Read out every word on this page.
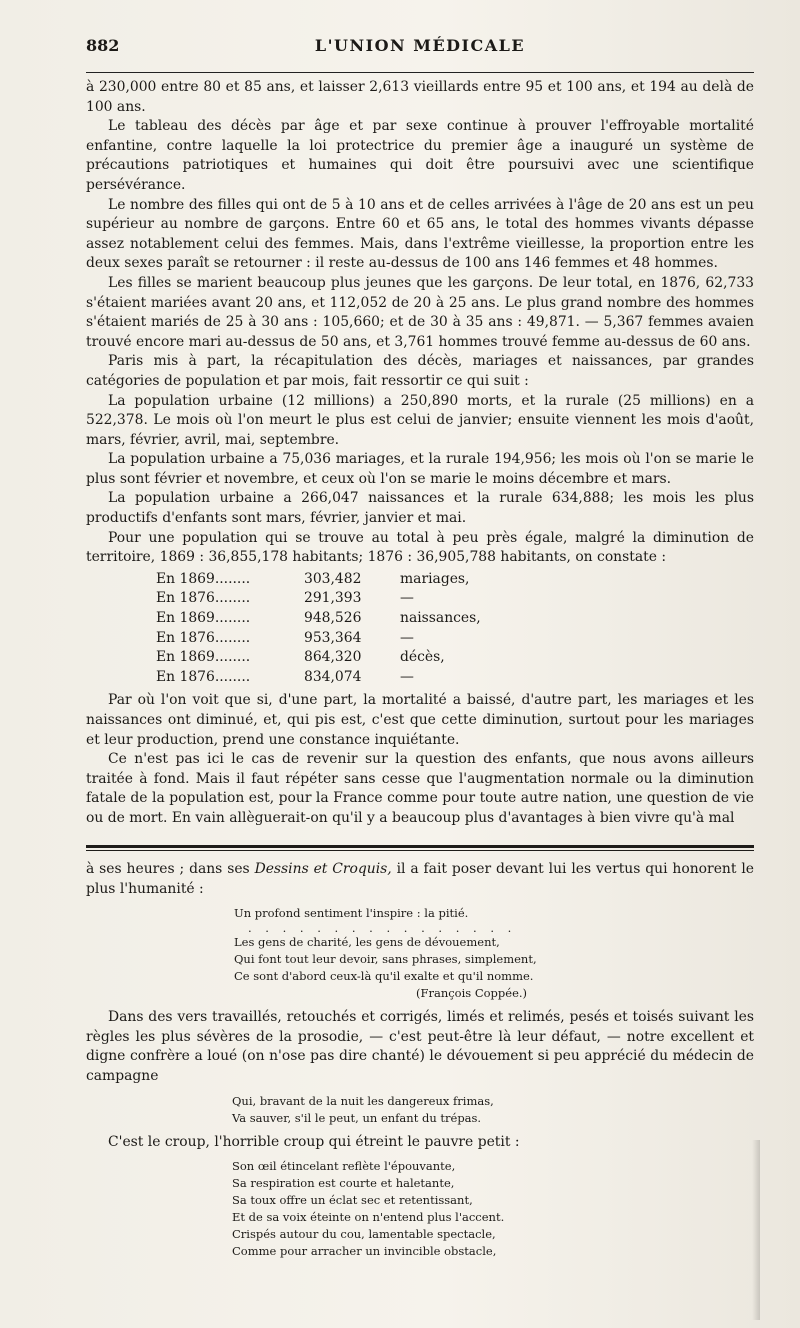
882	L'UNION MÉDICALE

à 230,000 entre 80 et 85 ans, et laisser 2,613 vieillards entre 95 et 100 ans, et 194 au delà de 100 ans.

Le tableau des décès par âge et par sexe continue à prouver l'effroyable mortalité enfantine, contre laquelle la loi protectrice du premier âge a inauguré un système de précautions patriotiques et humaines qui doit être poursuivi avec une scientifique persévérance.

Le nombre des filles qui ont de 5 à 10 ans et de celles arrivées à l'âge de 20 ans est un peu supérieur au nombre de garçons. Entre 60 et 65 ans, le total des hommes vivants dépasse assez notablement celui des femmes. Mais, dans l'extrême vieillesse, la proportion entre les deux sexes paraît se retourner : il reste au-dessus de 100 ans 146 femmes et 48 hommes.

Les filles se marient beaucoup plus jeunes que les garçons. De leur total, en 1876, 62,733 s'étaient mariées avant 20 ans, et 112,052 de 20 à 25 ans. Le plus grand nombre des hommes s'étaient mariés de 25 à 30 ans : 105,660; et de 30 à 35 ans : 49,871. — 5,367 femmes avaien trouvé encore mari au-dessus de 50 ans, et 3,761 hommes trouvé femme au-dessus de 60 ans.

Paris mis à part, la récapitulation des décès, mariages et naissances, par grandes catégories de population et par mois, fait ressortir ce qui suit :

La population urbaine (12 millions) a 250,890 morts, et la rurale (25 millions) en a 522,378. Le mois où l'on meurt le plus est celui de janvier; ensuite viennent les mois d'août, mars, février, avril, mai, septembre.

La population urbaine a 75,036 mariages, et la rurale 194,956; les mois où l'on se marie le plus sont février et novembre, et ceux où l'on se marie le moins décembre et mars.

La population urbaine a 266,047 naissances et la rurale 634,888; les mois les plus productifs d'enfants sont mars, février, janvier et mai.

Pour une population qui se trouve au total à peu près égale, malgré la diminution de territoire, 1869 : 36,855,178 habitants; 1876 : 36,905,788 habitants, on constate :

En 1869........	303,482	mariages,
En 1876........	291,393	—
En 1869........	948,526	naissances,
En 1876........	953,364	—
En 1869........	864,320	décès,
En 1876........	834,074	—

Par où l'on voit que si, d'une part, la mortalité a baissé, d'autre part, les mariages et les naissances ont diminué, et, qui pis est, c'est que cette diminution, surtout pour les mariages et leur production, prend une constance inquiétante.

Ce n'est pas ici le cas de revenir sur la question des enfants, que nous avons ailleurs traitée à fond. Mais il faut répéter sans cesse que l'augmentation normale ou la diminution fatale de la population est, pour la France comme pour toute autre nation, une question de vie ou de mort. En vain allèguerait-on qu'il y a beaucoup plus d'avantages à bien vivre qu'à mal

à ses heures ; dans ses Dessins et Croquis, il a fait poser devant lui les vertus qui honorent le plus l'humanité :

Un profond sentiment l'inspire : la pitié.
. . . . . . . . . . . . . . . .
Les gens de charité, les gens de dévouement,
Qui font tout leur devoir, sans phrases, simplement,
Ce sont d'abord ceux-là qu'il exalte et qu'il nomme.
(François Coppée.)

Dans des vers travaillés, retouchés et corrigés, limés et relimés, pesés et toisés suivant les règles les plus sévères de la prosodie, — c'est peut-être là leur défaut, — notre excellent et digne confrère a loué (on n'ose pas dire chanté) le dévouement si peu apprécié du médecin de campagne

Qui, bravant de la nuit les dangereux frimas,
Va sauver, s'il le peut, un enfant du trépas.

C'est le croup, l'horrible croup qui étreint le pauvre petit :

Son œil étincelant reflète l'épouvante,
Sa respiration est courte et haletante,
Sa toux offre un éclat sec et retentissant,
Et de sa voix éteinte on n'entend plus l'accent.
Crispés autour du cou, lamentable spectacle,
Comme pour arracher un invincible obstacle,
